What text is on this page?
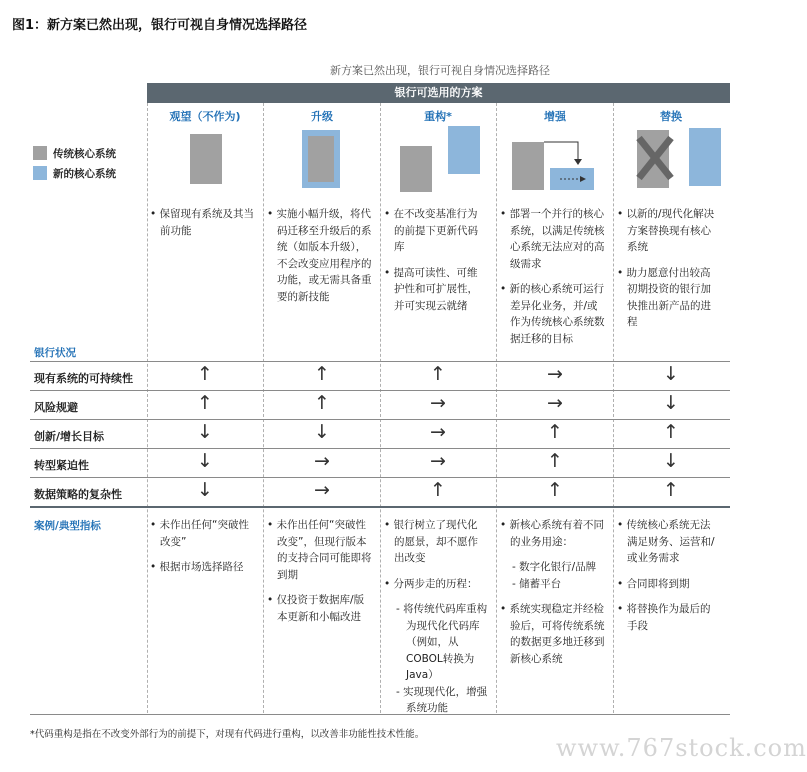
图1：新方案已然出现，银行可视自身情况选择路径
新方案已然出现，银行可视自身情况选择路径
银行可选用的方案
观望（不作为)	升级	重构*	增强	替换
传统核心系统
新的核心系统

• 保留现有系统及其当前功能

• 实施小幅升级，将代码迁移至升级后的系统（如版本升级），不会改变应用程序的功能，或无需具备重要的新技能

• 在不改变基准行为的前提下更新代码库

• 提高可读性、可维护性和可扩展性，并可实现云就绪

• 部署一个并行的核心系统，以满足传统核心系统无法应对的高级需求

• 新的核心系统可运行差异化业务，并/或作为传统核心系统数据迁移的目标

• 以新的/现代化解决方案替换现有核心系统

• 助力愿意付出较高初期投资的银行加快推出新产品的进程

银行状况
现有系统的可持续性	↑	↑	↑	→	↓
风险规避	↑	↑	→	→	↓
创新/增长目标	↓	↓	→	↑	↑
转型紧迫性	↓	→	→	↑	↓
数据策略的复杂性	↓	→	↑	↑	↑
案例/典型指标
•	未作出任何“突破性改变”
• 根据市场选择路径
• 未作出任何“突破性改变”，但现行版本的支持合同可能即将到期
• 仅投资于数据库/版本更新和小幅改进
• 银行树立了现代化的愿景，却不愿作出改变
• 分两步走的历程：
- 将传统代码库重构为现代化代码库（例如，从COBOL转换为Java）
- 实现现代化，增强系统功能
• 新核心系统有着不同的业务用途：
- 数字化银行/品牌
- 储蓄平台
• 系统实现稳定并经检验后，可将传统系统的数据更多地迁移到新核心系统
• 传统核心系统无法满足财务、运营和/或业务需求
• 合同即将到期
• 将替换作为最后的手段
*代码重构是指在不改变外部行为的前提下，对现有代码进行重构，以改善非功能性技术性能。	www.767stock.com
